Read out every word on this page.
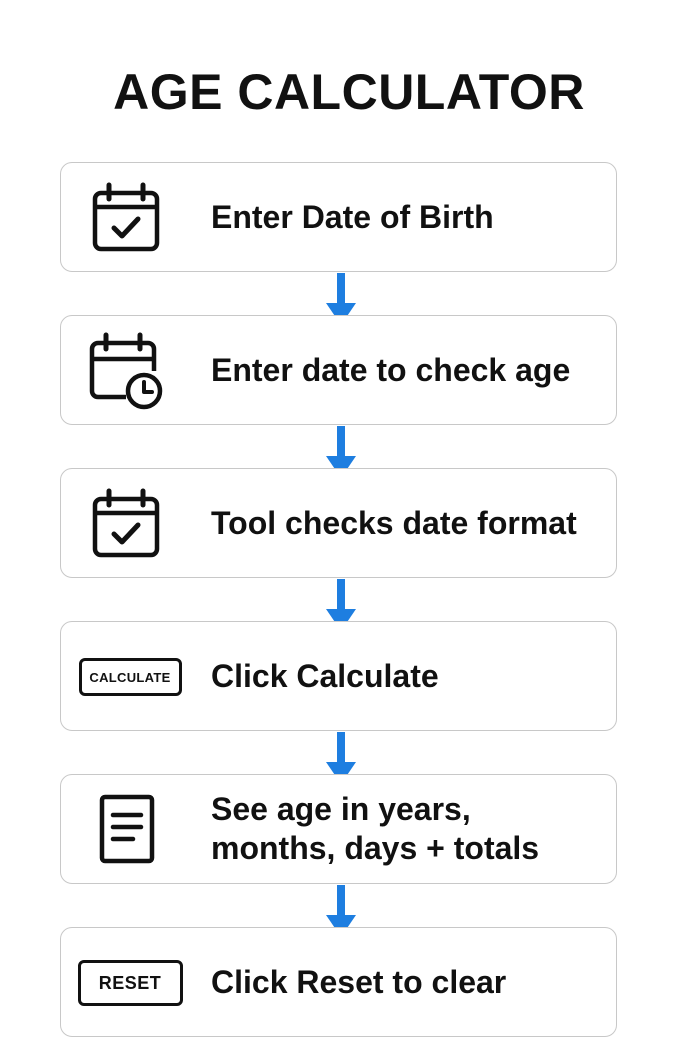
AGE CALCULATOR
Enter Date of Birth
Enter date to check age
Tool checks date format
CALCULATE	Click Calculate
See age in years,
months, days + totals
RESET	Click Reset to clear
